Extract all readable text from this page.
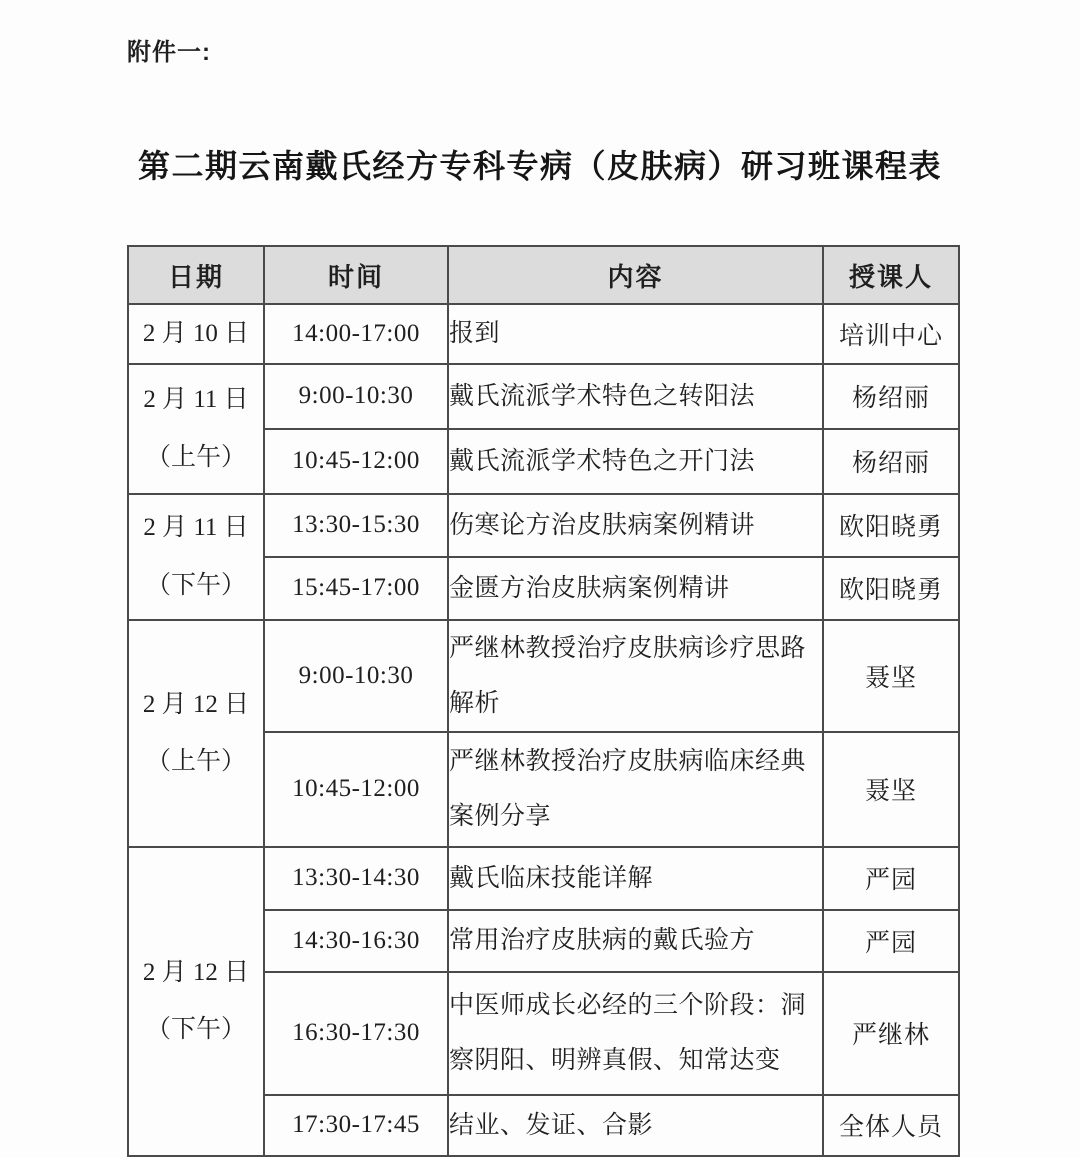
附件一:
第二期云南戴氏经方专科专病（皮肤病）研习班课程表
日期	时间	内容	授课人

2 月 10 日	14:00-17:00	报到	培训中心

2 月 11 日
（上午）	9:00-10:30	戴氏流派学术特色之转阳法	杨绍丽
	10:45-12:00	戴氏流派学术特色之开门法	杨绍丽

2 月 11 日
（下午）	13:30-15:30	伤寒论方治皮肤病案例精讲	欧阳晓勇
	15:45-17:00	金匮方治皮肤病案例精讲	欧阳晓勇

2 月 12 日
（上午）	9:00-10:30	严继林教授治疗皮肤病诊疗思路解析	聂坚
	10:45-12:00	严继林教授治疗皮肤病临床经典案例分享	聂坚

2 月 12 日
（下午）	13:30-14:30	戴氏临床技能详解	严园
	14:30-16:30	常用治疗皮肤病的戴氏验方	严园
	16:30-17:30	中医师成长必经的三个阶段：洞察阴阳、明辨真假、知常达变	严继林
	17:30-17:45	结业、发证、合影	全体人员
